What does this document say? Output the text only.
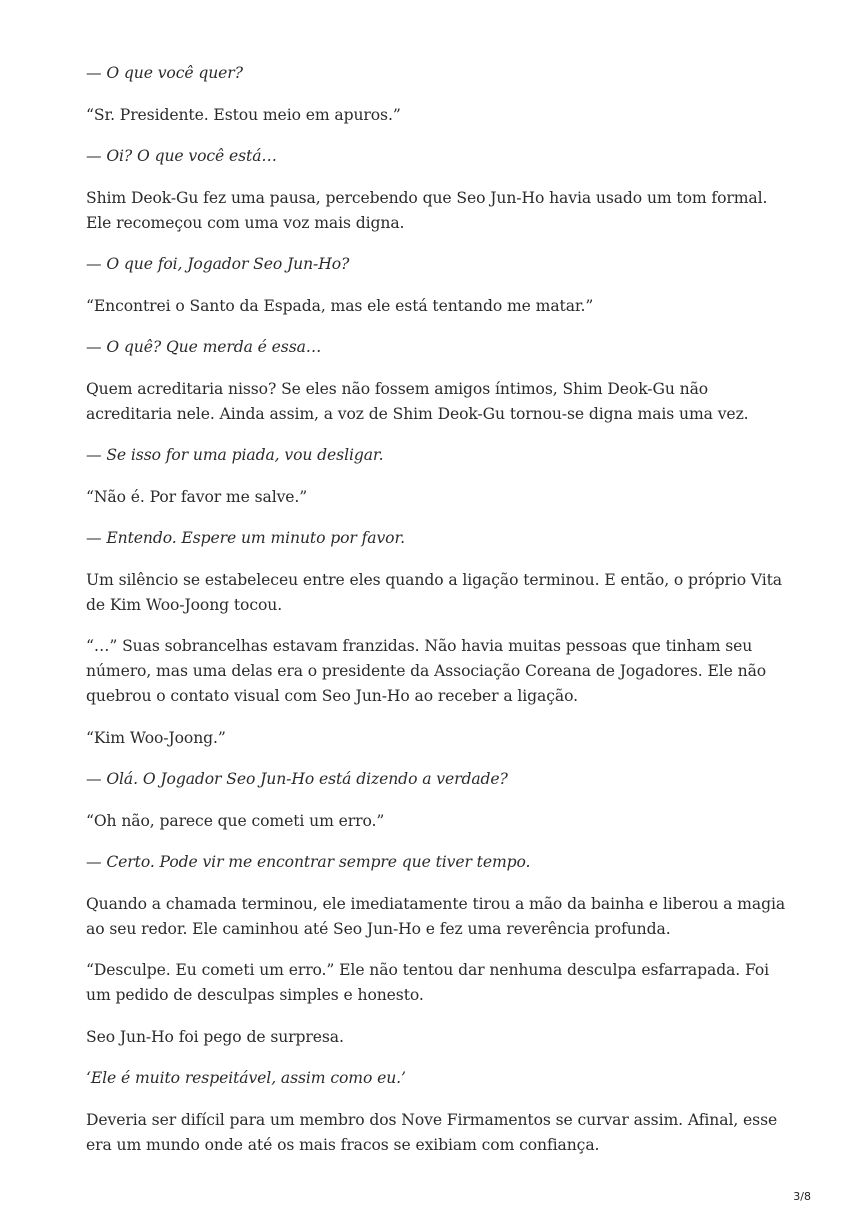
— O que você quer?

“Sr. Presidente. Estou meio em apuros.”

— Oi? O que você está…

Shim Deok-Gu fez uma pausa, percebendo que Seo Jun-Ho havia usado um tom formal. Ele recomeçou com uma voz mais digna.

— O que foi, Jogador Seo Jun-Ho?

“Encontrei o Santo da Espada, mas ele está tentando me matar.”

— O quê? Que merda é essa…

Quem acreditaria nisso? Se eles não fossem amigos íntimos, Shim Deok-Gu não acreditaria nele. Ainda assim, a voz de Shim Deok-Gu tornou-se digna mais uma vez.

— Se isso for uma piada, vou desligar.

“Não é. Por favor me salve.”

— Entendo. Espere um minuto por favor.

Um silêncio se estabeleceu entre eles quando a ligação terminou. E então, o próprio Vita de Kim Woo-Joong tocou.

“…” Suas sobrancelhas estavam franzidas. Não havia muitas pessoas que tinham seu número, mas uma delas era o presidente da Associação Coreana de Jogadores. Ele não quebrou o contato visual com Seo Jun-Ho ao receber a ligação.

“Kim Woo-Joong.”

— Olá. O Jogador Seo Jun-Ho está dizendo a verdade?

“Oh não, parece que cometi um erro.”

— Certo. Pode vir me encontrar sempre que tiver tempo.

Quando a chamada terminou, ele imediatamente tirou a mão da bainha e liberou a magia ao seu redor. Ele caminhou até Seo Jun-Ho e fez uma reverência profunda.

“Desculpe. Eu cometi um erro.” Ele não tentou dar nenhuma desculpa esfarrapada. Foi um pedido de desculpas simples e honesto.

Seo Jun-Ho foi pego de surpresa.

‘Ele é muito respeitável, assim como eu.’

Deveria ser difícil para um membro dos Nove Firmamentos se curvar assim. Afinal, esse era um mundo onde até os mais fracos se exibiam com confiança.

3/8
